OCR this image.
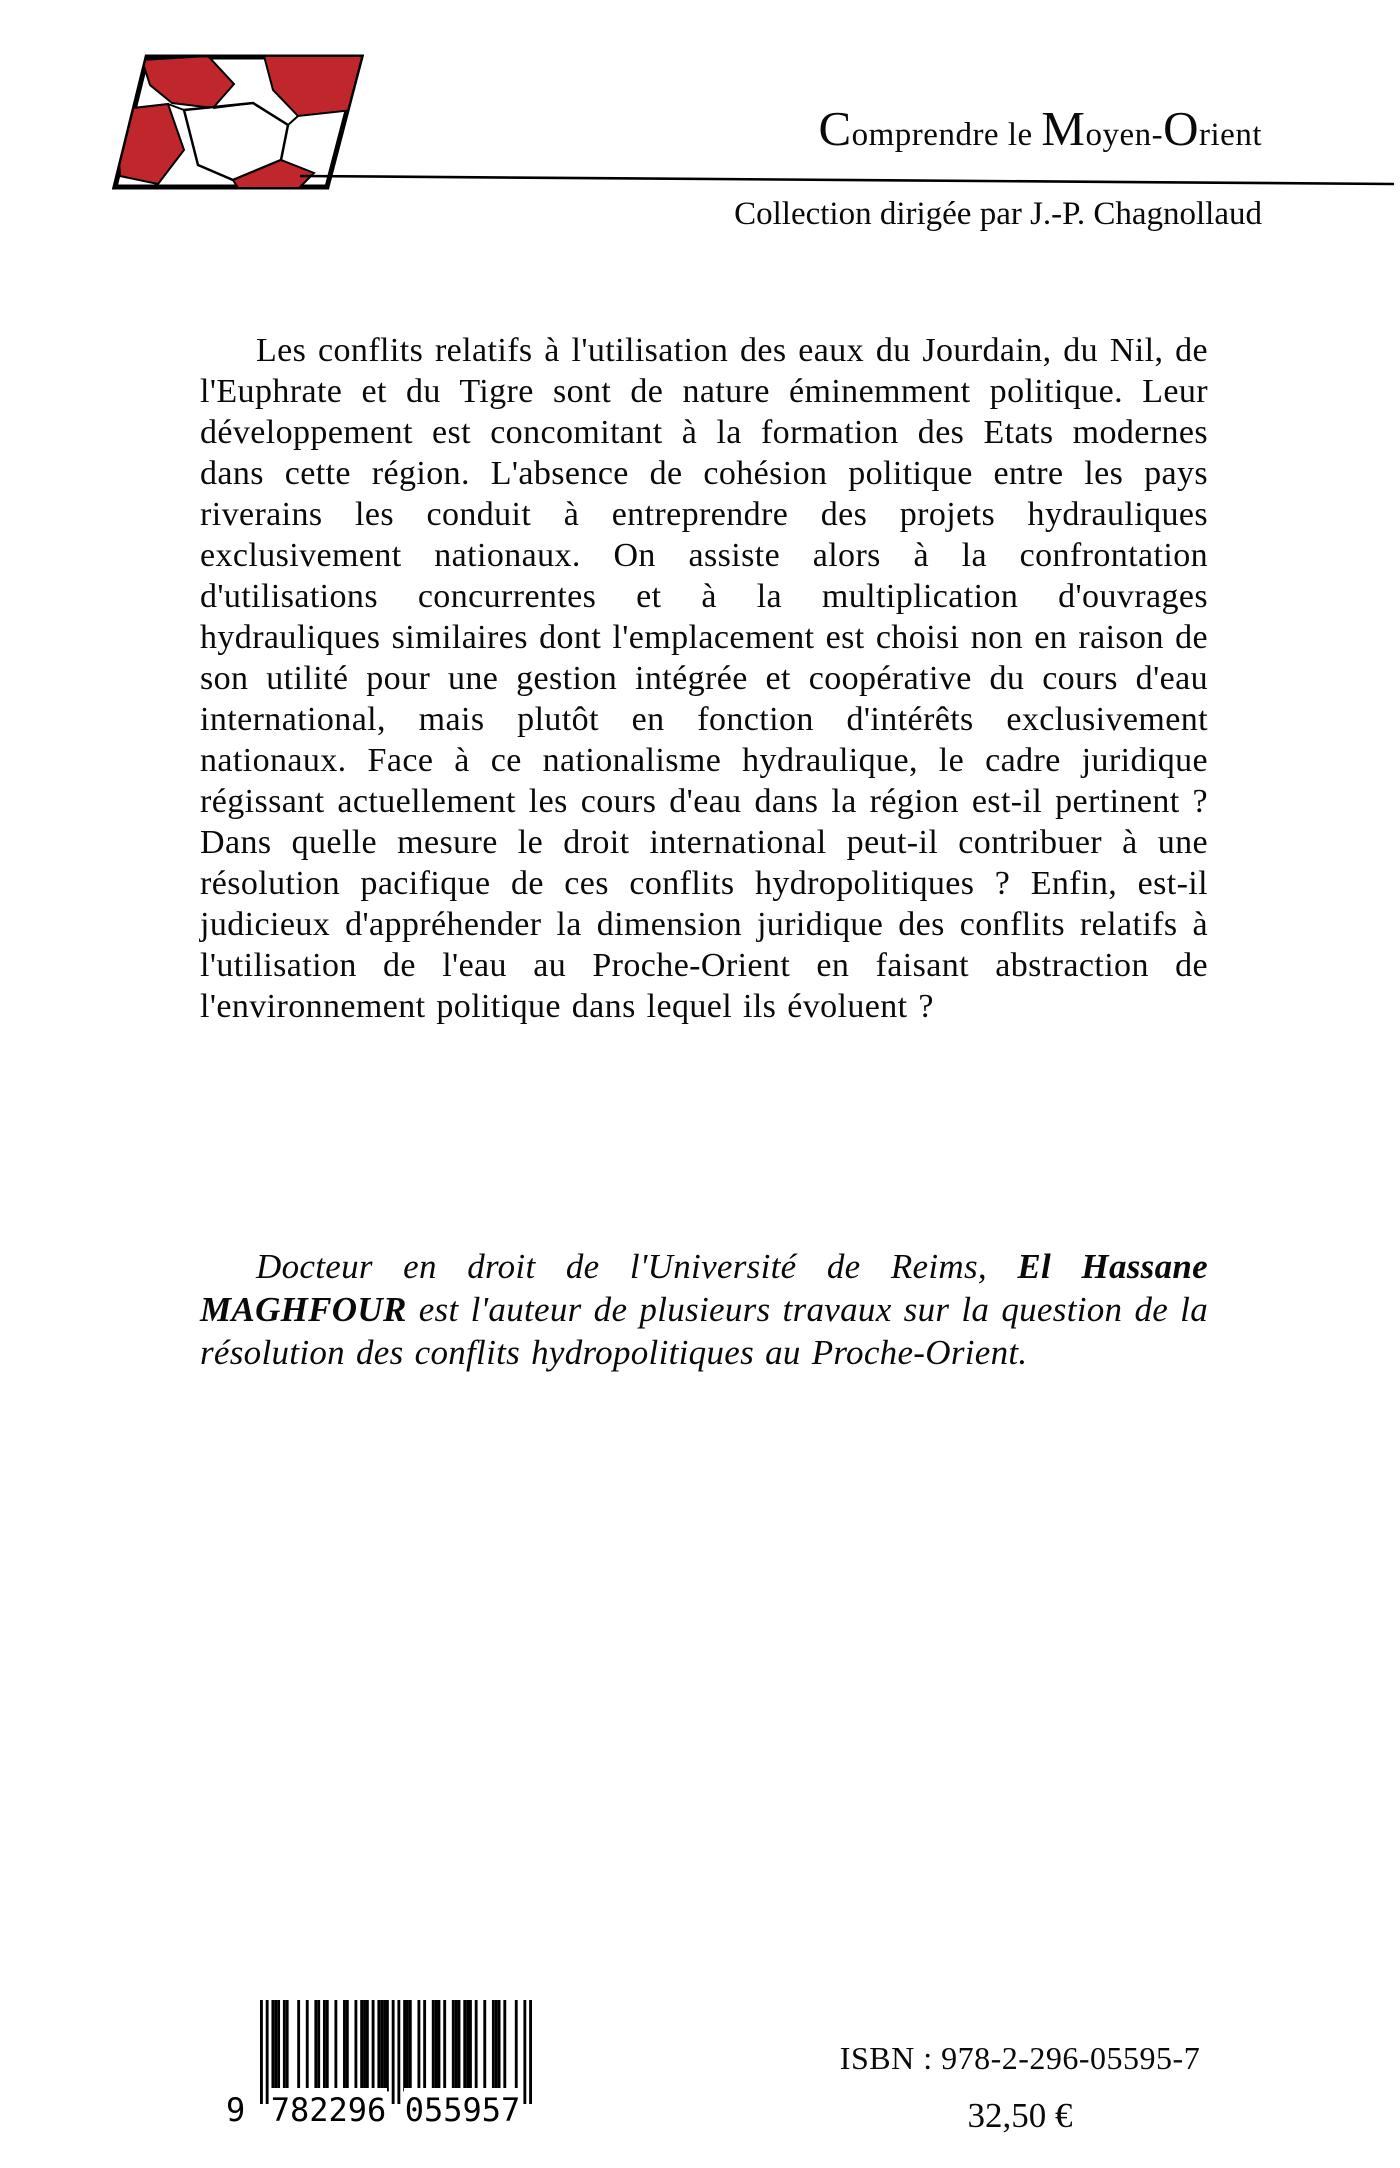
Comprendre le Moyen-Orient
Collection dirigée par J.-P. Chagnollaud

Les conflits relatifs à l'utilisation des eaux du Jourdain, du Nil, de l'Euphrate et du Tigre sont de nature éminemment politique. Leur développement est concomitant à la formation des Etats modernes dans cette région. L'absence de cohésion politique entre les pays riverains les conduit à entreprendre des projets hydrauliques exclusivement nationaux. On assiste alors à la confrontation d'utilisations concurrentes et à la multiplication d'ouvrages hydrauliques similaires dont l'emplacement est choisi non en raison de son utilité pour une gestion intégrée et coopérative du cours d'eau international, mais plutôt en fonction d'intérêts exclusivement nationaux. Face à ce nationalisme hydraulique, le cadre juridique régissant actuellement les cours d'eau dans la région est-il pertinent ? Dans quelle mesure le droit international peut-il contribuer à une résolution pacifique de ces conflits hydropolitiques ? Enfin, est-il judicieux d'appréhender la dimension juridique des conflits relatifs à l'utilisation de l'eau au Proche-Orient en faisant abstraction de l'environnement politique dans lequel ils évoluent ?

Docteur en droit de l'Université de Reims, El Hassane MAGHFOUR est l'auteur de plusieurs travaux sur la question de la résolution des conflits hydropolitiques au Proche-Orient.

9 782296 055957
ISBN : 978-2-296-05595-7
32,50 €
